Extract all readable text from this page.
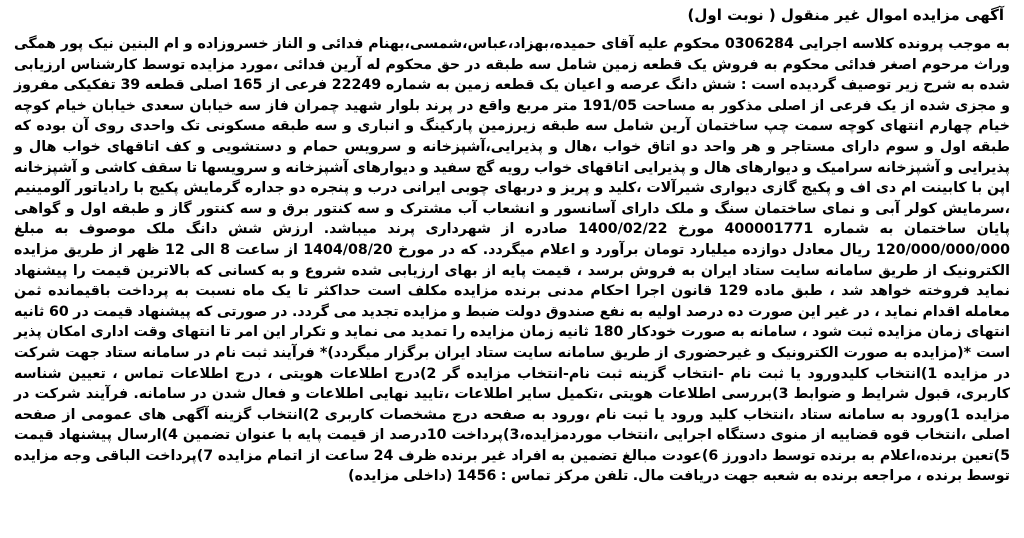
آگهی مزایده اموال غیر منقول ( نوبت اول)

به موجب پرونده کلاسه اجرایی 0306284 محکوم علیه آقای حمیده،بهزاد،عباس،شمسی،بهنام فدائی و الناز خسروزاده و ام البنین نیک پور همگی وراث مرحوم اصغر فدائی محکوم به فروش یک قطعه زمین شامل سه طبقه در حق محکوم له آرین فدائی ،مورد مزایده توسط کارشناس ارزیابی شده به شرح زیر توصیف گردیده است : شش دانگ عرصه و اعیان یک قطعه زمین به شماره 22249 فرعی از 165 اصلی قطعه 39 تفکیکی مفروز و مجزی شده از یک فرعی از اصلی مذکور به مساحت 191/05 متر مربع واقع در پرند بلوار شهید چمران فاز سه خیابان سعدی خیابان خیام کوچه خیام چهارم انتهای کوچه سمت چپ ساختمان آرین شامل سه طبقه زیرزمین پارکینگ و انباری و سه طبقه مسکونی تک واحدی روی آن بوده که طبقه اول و سوم دارای مستاجر و هر واحد دو اتاق خواب ،هال و پذیرایی،آشپزخانه و سرویس حمام و دستشویی و کف اتاقهای خواب هال و پذیرایی و آشپزخانه سرامیک و دیوارهای هال و پذیرایی اتاقهای خواب رویه گچ سفید و دیوارهای آشپزخانه و سرویسها تا سقف کاشی و آشپزخانه اپن با کابینت ام دی اف و پکیج گازی دیواری شیرآلات ،کلید و پریز و دربهای چوبی ایرانی درب و پنجره دو جداره گرمایش پکیج با رادیاتور آلومینیم ،سرمایش کولر آبی و نمای ساختمان سنگ و ملک دارای آسانسور و انشعاب آب مشترک و سه کنتور برق و سه کنتور گاز و طبقه اول و گواهی پایان ساختمان به شماره 400001771 مورخ 1400/02/22 صادره از شهرداری پرند میباشد. ارزش شش دانگ ملک موصوف به مبلغ 120/000/000/000 ریال معادل دوازده میلیارد تومان برآورد و اعلام میگردد. که در مورخ 1404/08/20 از ساعت 8 الی 12 ظهر از طریق مزایده الکترونیک از طریق سامانه سایت ستاد ایران به فروش برسد ، قیمت پایه از بهای ارزیابی شده شروع و به کسانی که بالاترین قیمت را پیشنهاد نماید فروخته خواهد شد ، طبق ماده 129 قانون اجرا احکام مدنی برنده مزایده مکلف است حداکثر تا یک ماه نسبت به پرداخت باقیمانده ثمن معامله اقدام نماید ، در غیر این صورت ده درصد اولیه به نفع صندوق دولت ضبط و مزایده تجدید می گردد. در صورتی که پیشنهاد قیمت در 60 ثانیه انتهای زمان مزایده ثبت شود ، سامانه به صورت خودکار 180 ثانیه زمان مزایده را تمدید می نماید و تکرار این امر تا انتهای وقت اداری امکان پذیر است *(مزایده به صورت الکترونیک و غیرحضوری از طریق سامانه سایت ستاد ایران برگزار میگردد)* فرآیند ثبت نام در سامانه ستاد جهت شرکت در مزایده 1)انتخاب کلیدورود یا ثبت نام -انتخاب گزینه ثبت نام-انتخاب مزایده گر 2)درج اطلاعات هویتی ، درج اطلاعات تماس ، تعیین شناسه کاربری، قبول شرایط و ضوابط 3)بررسی اطلاعات هویتی ،تکمیل سایر اطلاعات ،تایید نهایی اطلاعات و فعال شدن در سامانه. فرآیند شرکت در مزایده 1)ورود به سامانه ستاد ،انتخاب کلید ورود یا ثبت نام ،ورود به صفحه درج مشخصات کاربری 2)انتخاب گزینه آگهی های عمومی از صفحه اصلی ،انتخاب قوه قضاییه از منوی دستگاه اجرایی ،انتخاب موردمزایده،3)پرداخت 10درصد از قیمت پایه با عنوان تضمین 4)ارسال پیشنهاد قیمت 5)تعین برنده،اعلام به برنده توسط دادورز 6)عودت مبالغ تضمین به افراد غیر برنده ظرف 24 ساعت از اتمام مزایده 7)پرداخت الباقی وجه مزایده توسط برنده ، مراجعه برنده به شعبه جهت دریافت مال. تلفن مرکز تماس : 1456 (داخلی مزایده)
